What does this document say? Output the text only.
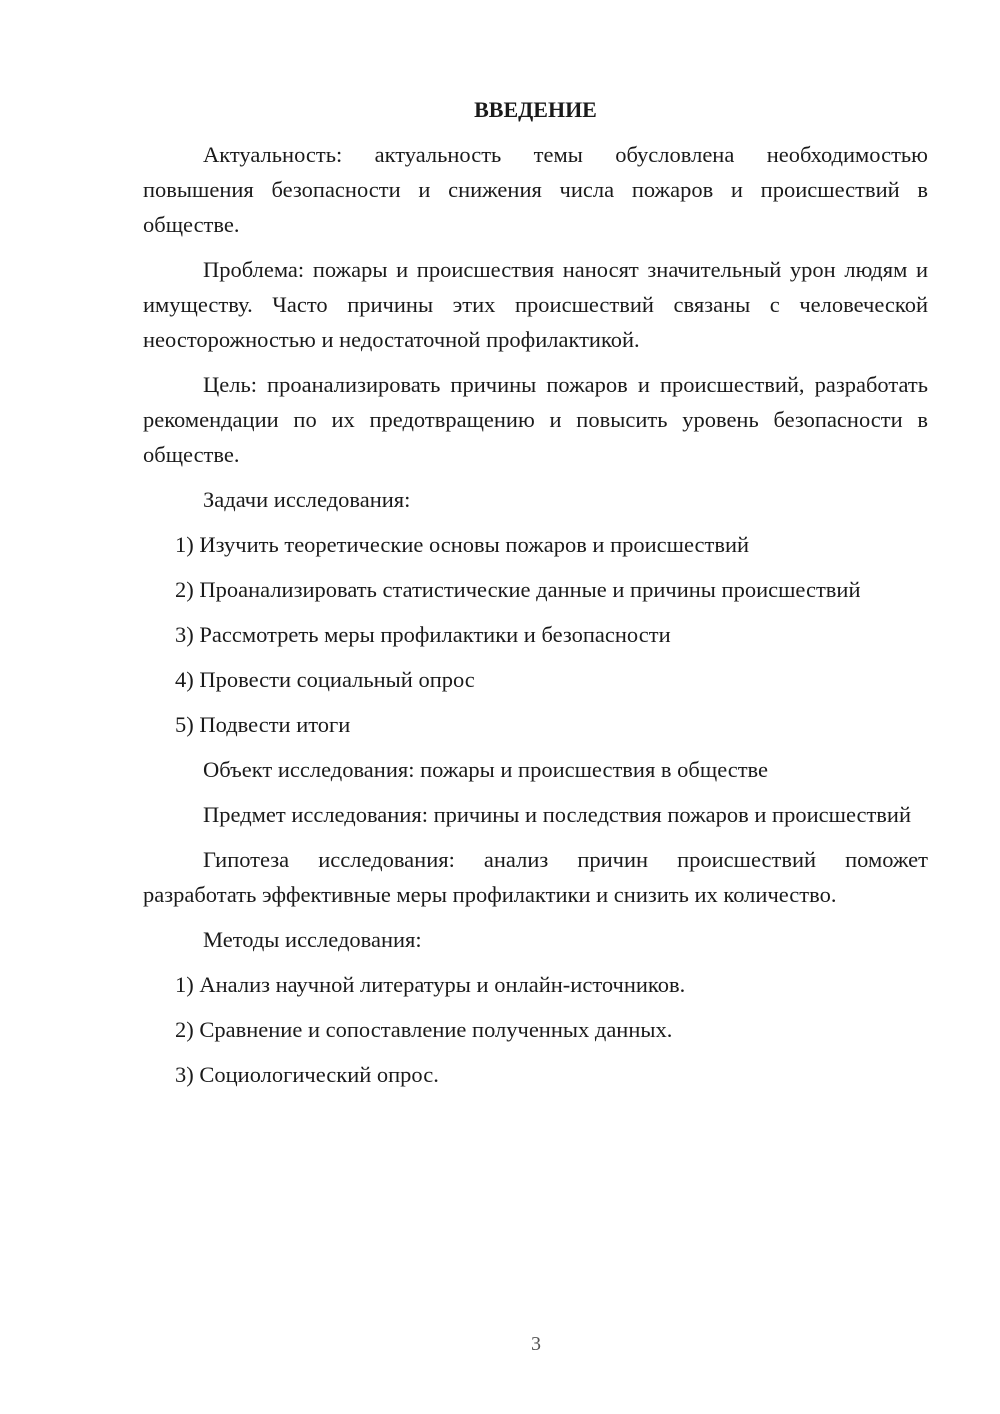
ВВЕДЕНИЕ

Актуальность: актуальность темы обусловлена необходимостью повышения безопасности и снижения числа пожаров и происшествий в обществе.

Проблема: пожары и происшествия наносят значительный урон людям и имуществу. Часто причины этих происшествий связаны с человеческой неосторожностью и недостаточной профилактикой.

Цель: проанализировать причины пожаров и происшествий, разработать рекомендации по их предотвращению и повысить уровень безопасности в обществе.

Задачи исследования:

1) Изучить теоретические основы пожаров и происшествий

2) Проанализировать статистические данные и причины происшествий

3) Рассмотреть меры профилактики и безопасности

4) Провести социальный опрос

5) Подвести итоги

Объект исследования: пожары и происшествия в обществе

Предмет исследования: причины и последствия пожаров и происшествий

Гипотеза исследования: анализ причин происшествий поможет разработать эффективные меры профилактики и снизить их количество.

Методы исследования:

1) Анализ научной литературы и онлайн-источников.

2) Сравнение и сопоставление полученных данных.

3) Социологический опрос.

3
